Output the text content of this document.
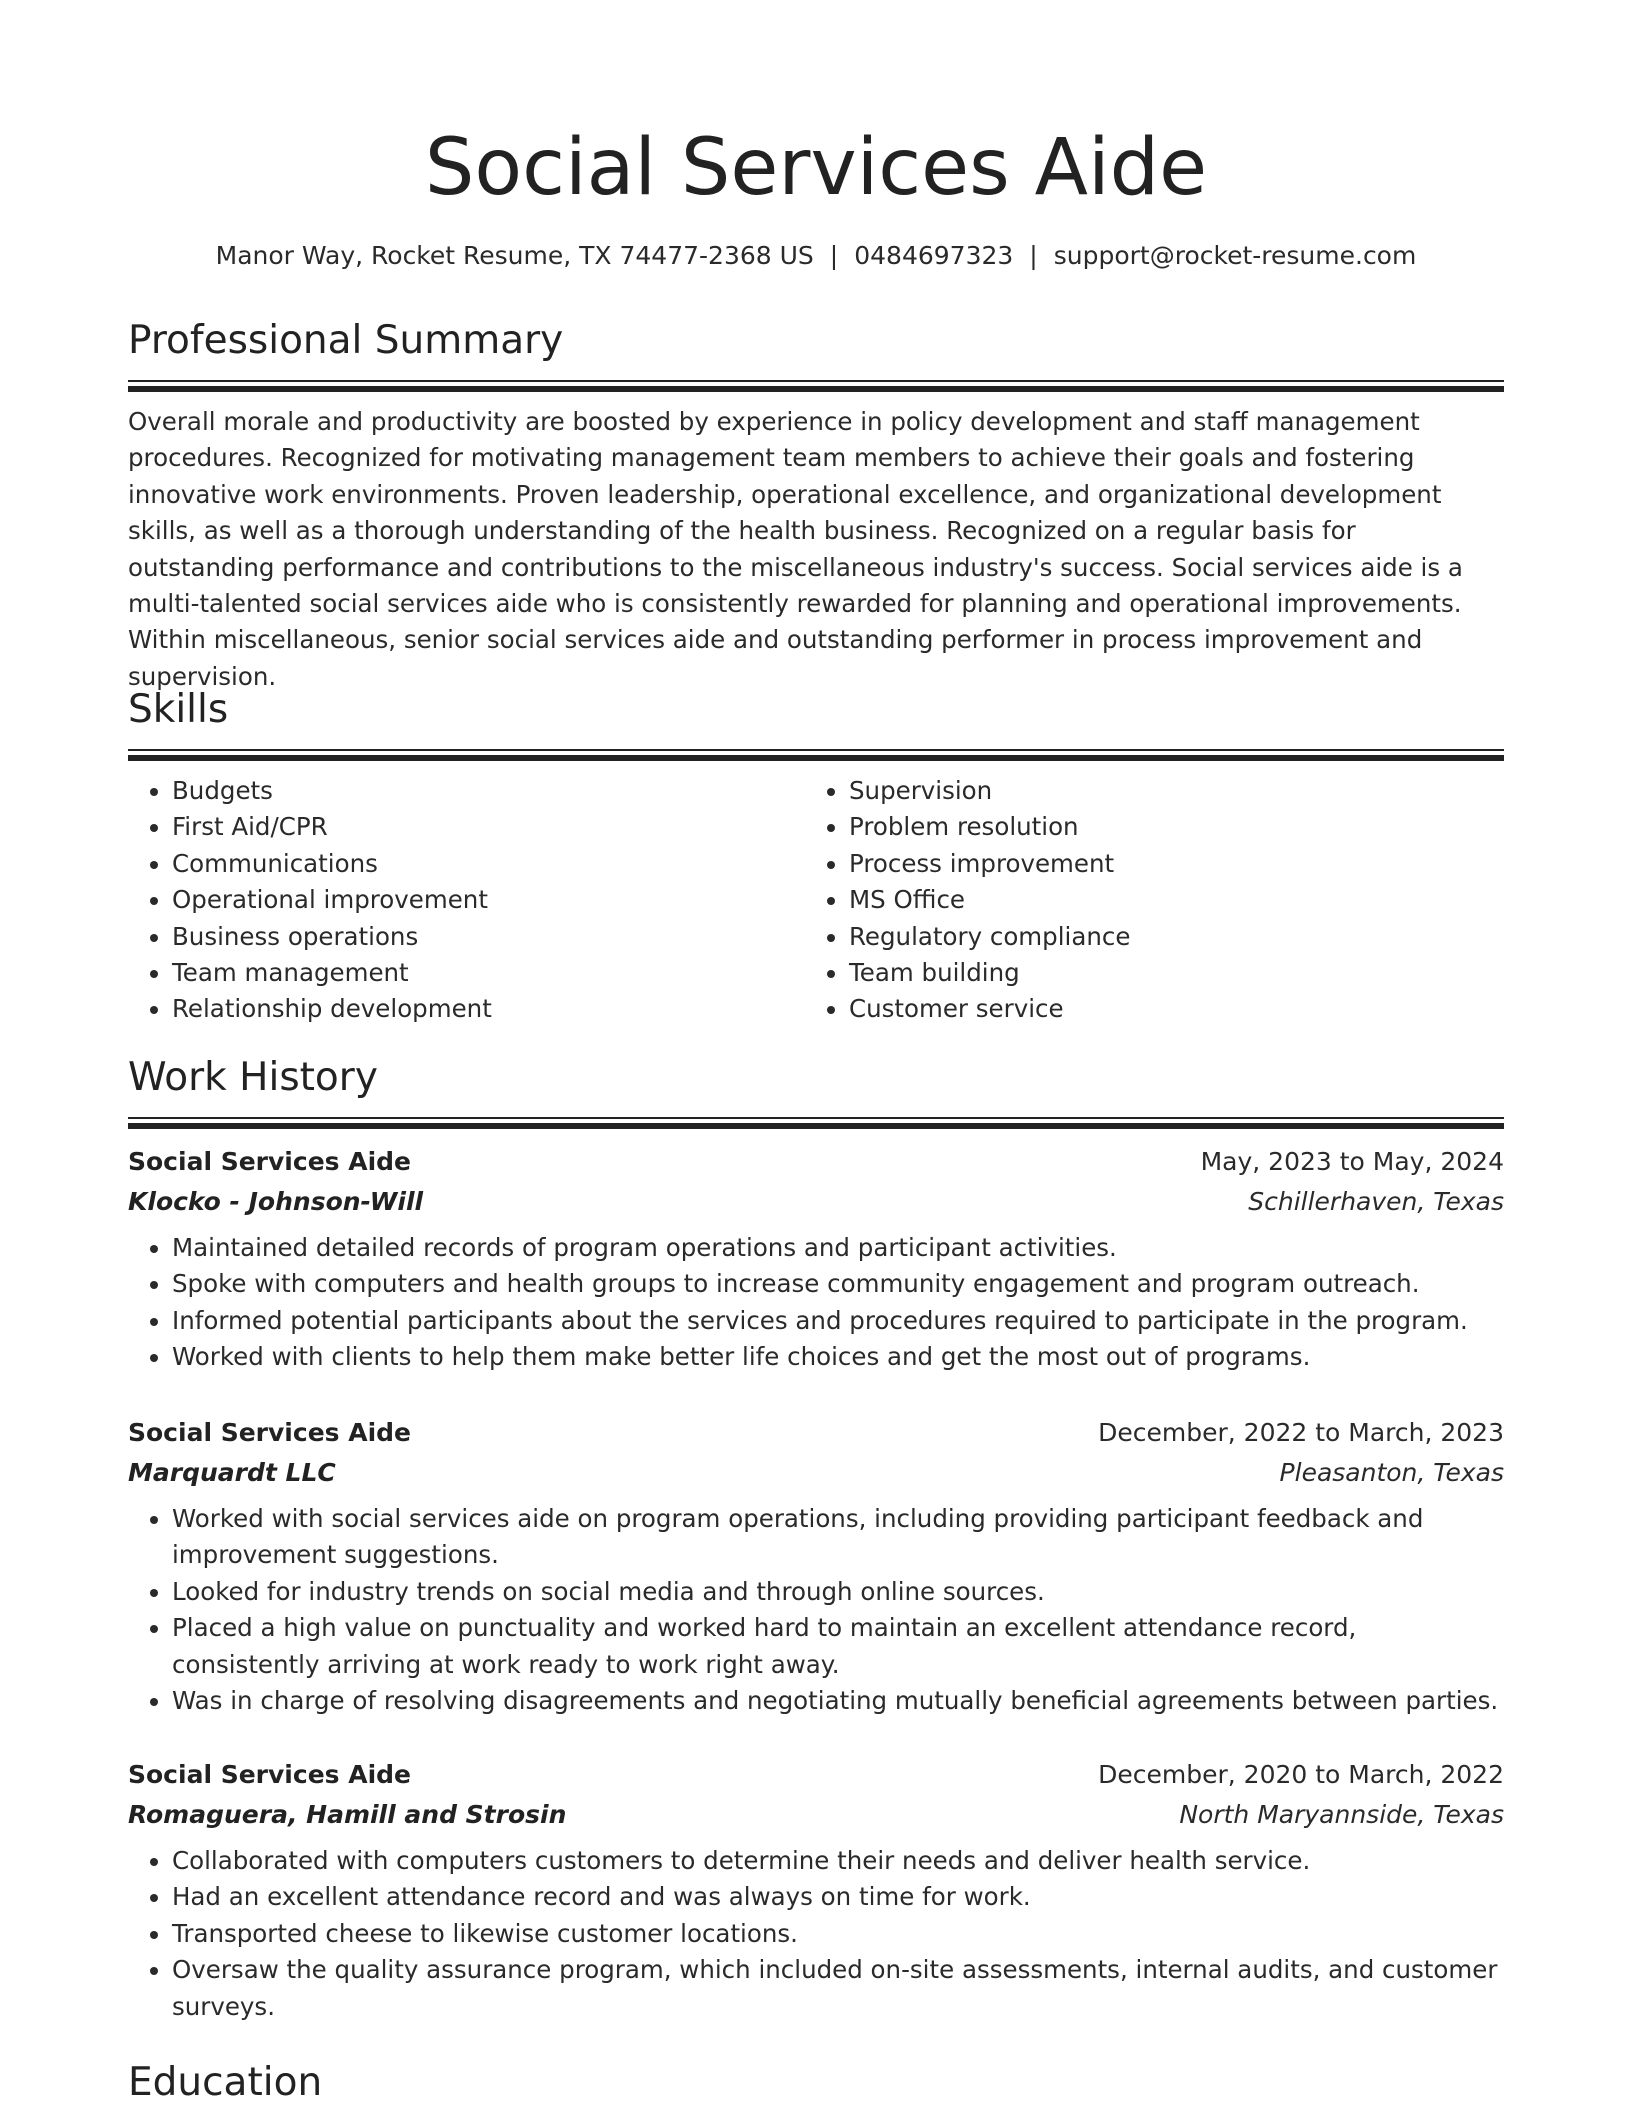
Social Services Aide
Manor Way, Rocket Resume, TX 74477-2368 US | 0484697323 | support@rocket-resume.com
Professional Summary
Overall morale and productivity are boosted by experience in policy development and staff management procedures. Recognized for motivating management team members to achieve their goals and fostering innovative work environments. Proven leadership, operational excellence, and organizational development skills, as well as a thorough understanding of the health business. Recognized on a regular basis for outstanding performance and contributions to the miscellaneous industry's success. Social services aide is a multi-talented social services aide who is consistently rewarded for planning and operational improvements. Within miscellaneous, senior social services aide and outstanding performer in process improvement and supervision.
Skills
• Budgets
• First Aid/CPR
• Communications
• Operational improvement
• Business operations
• Team management
• Relationship development
• Supervision
• Problem resolution
• Process improvement
• MS Office
• Regulatory compliance
• Team building
• Customer service
Work History
Social Services Aide	May, 2023 to May, 2024
Klocko - Johnson-Will	Schillerhaven, Texas
• Maintained detailed records of program operations and participant activities.
• Spoke with computers and health groups to increase community engagement and program outreach.
• Informed potential participants about the services and procedures required to participate in the program.
• Worked with clients to help them make better life choices and get the most out of programs.
Social Services Aide	December, 2022 to March, 2023
Marquardt LLC	Pleasanton, Texas
• Worked with social services aide on program operations, including providing participant feedback and improvement suggestions.
• Looked for industry trends on social media and through online sources.
• Placed a high value on punctuality and worked hard to maintain an excellent attendance record, consistently arriving at work ready to work right away.
• Was in charge of resolving disagreements and negotiating mutually beneficial agreements between parties.
Social Services Aide	December, 2020 to March, 2022
Romaguera, Hamill and Strosin	North Maryannside, Texas
• Collaborated with computers customers to determine their needs and deliver health service.
• Had an excellent attendance record and was always on time for work.
• Transported cheese to likewise customer locations.
• Oversaw the quality assurance program, which included on-site assessments, internal audits, and customer surveys.
Education
